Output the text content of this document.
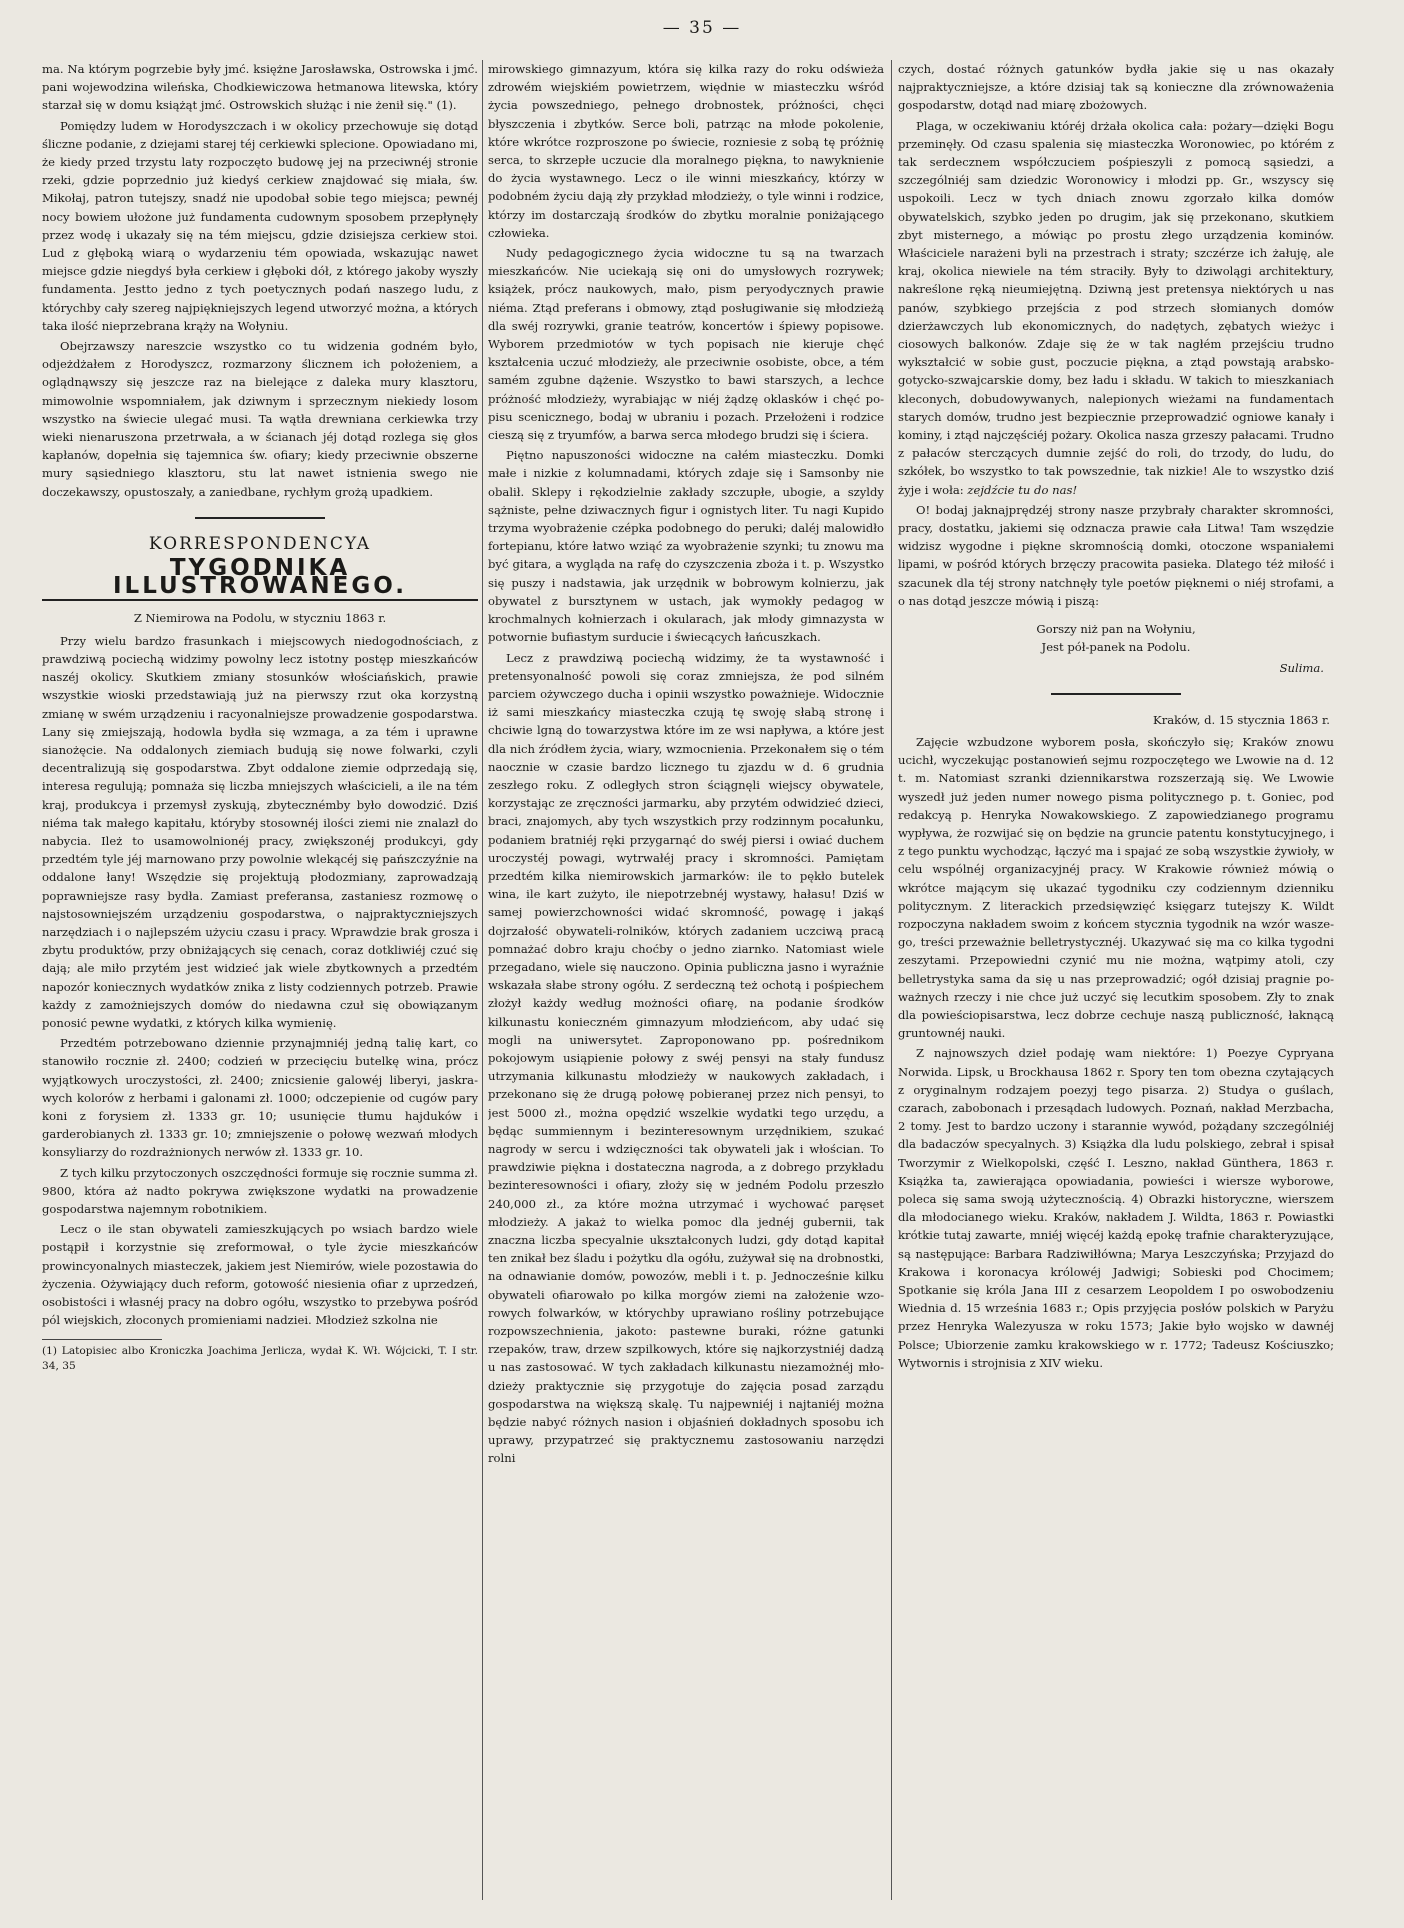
— 35 —

ma. Na którym pogrzebie były jmć. księżne Jarosławska, Ostrowska i jmć. pani wojewodzina wileńska, Chodkiewiczowa hetmanowa litewska, który starzał się w domu książąt jmć. Ostrowskich służąc i nie żenił się." (1).

Pomiędzy ludem w Horodyszczach i w okolicy przechowuje się dotąd śliczne podanie, z dziejami starej téj cerkiewki splecione. Opowiadano mi, że kiedy przed trzystu laty rozpoczęto budowę jej na przeciwnéj stronie rzeki, gdzie poprzednio już kiedyś cerkiew znajdować się miała, św. Mikołaj, patron tutejszy, snadź nie upodobał sobie tego miejsca; pewnéj nocy bowiem ułożone już fundamenta cudownym sposobem przepłynęły przez wodę i ukazały się na tém miejscu, gdzie dzisiejsza cerkiew stoi. Lud z głęboką wiarą o wydarzeniu tém opowiada, wskazując nawet miejsce gdzie niegdyś była cerkiew i głęboki dół, z którego jakoby wyszły fundamenta. Jestto jedno z tych poetycznych podań naszego ludu, z którychby cały szereg najpiękniejszych legend utworzyć można, a których taka ilość nieprzebrana krąży na Wołyniu.

Obejrzawszy nareszcie wszystko co tu widzenia godném było, odjeżdżałem z Horodyszcz, rozmarzony ślicznem ich położeniem, a oglądnąwszy się jeszcze raz na bielejące z daleka mury klasztoru, mimowolnie wspomniałem, jak dziwnym i sprzecznym niekiedy losom wszystko na świecie ulegać musi. Ta wątła drewniana cerkiewka trzy wieki nienaruszona przetrwała, a w ścianach jéj dotąd rozlega się głos kapłanów, dopełnia się tajemnica św. ofiary; kiedy przeciwnie obszerne mury sąsiedniego klasztoru, stu lat nawet istnienia swego nie doczekawszy, opustoszały, a zaniedbane, rychłym grożą upadkiem.

KORRESPONDENCYA
TYGODNIKA ILLUSTROWANEGO.
Z Niemirowa na Podolu, w styczniu 1863 r.

Przy wielu bardzo frasunkach i miejscowych niedogodnościach, z prawdziwą pociechą widzimy powolny lecz istotny postęp mieszkańców naszéj okolicy. Skutkiem zmiany stosunków włościańskich, prawie wszystkie wioski przedstawiają już na pierwszy rzut oka korzystną zmianę w swém urządzeniu i racyonalniejsze prowadzenie gospodarstwa. Lany się zmiejszają, hodowla bydła się wzmaga, a za tém i uprawne sianożęcie. Na oddalonych ziemiach budują się nowe folwarki, czyli decentralizują się gospodarstwa. Zbyt oddalone ziemie odprzedają się, interesa regulują; pomnaża się liczba mniejszych właścicieli, a ile na tém kraj, produkcya i przemysł zyskują, zbytecznémby było dowodzić. Dziś niéma tak małego kapitału, któryby stosownéj ilości ziemi nie znalazł do nabycia. Ileż to usamowolnionéj pracy, zwiększonéj produkcyi, gdy przedtém tyle jéj marnowano przy powolnie wlekącéj się pańszczyźnie na oddalone łany! Wszędzie się projektują płodozmiany, zaprowadzają poprawniejsze rasy bydła. Zamiast preferansa, zastaniesz rozmowę o najstosowniejszém urządzeniu gospodarstwa, o najpraktyczniejszych narzędziach i o najlepszém użyciu czasu i pracy. Wprawdzie brak grosza i zbytu produktów, przy obniżających się cenach, coraz dotkliwiéj czuć się dają; ale miło przytém jest widzieć jak wiele zbytkownych a przedtém napozór koniecznych wydatków znika z listy codziennych potrzeb. Prawie każdy z zamożniejszych domów do niedawna czuł się obowiązanym ponosić pewne wydatki, z których kilka wymienię.

Przedtém potrzebowano dziennie przynajmniéj jedną talię kart, co stanowiło rocznie zł. 2400; codzień w przecięciu butelkę wina, prócz wyjątkowych uroczystości, zł. 2400; znicsienie galowéj liberyi, jaskrawych kolorów z herbami i galonami zł. 1000; odczepienie od cugów pary koni z forysiem zł. 1333 gr. 10; usunięcie tłumu hajduków i garderobianych zł. 1333 gr. 10; zmniejszenie o połowę wezwań młodych konsyliarzy do rozdrażnionych nerwów zł. 1333 gr. 10.

Z tych kilku przytoczonych oszczędności formuje się rocznie summa zł. 9800, która aż nadto pokrywa zwiększone wydatki na prowadzenie gospodarstwa najemnym robotnikiem.

Lecz o ile stan obywateli zamieszkujących po wsiach bardzo wiele postąpił i korzystnie się zreformował, o tyle życie mieszkańców prowincyonalnych miasteczek, jakiem jest Niemirów, wiele pozostawia do życzenia. Ożywiający duch reform, gotowość niesienia ofiar z uprzedzeń, osobistości i własnéj pracy na dobro ogółu, wszystko to przebywa pośród pól wiejskich, złoconych promieniami nadziei. Młodzież szkolna nie

(1) Latopisiec albo Kroniczka Joachima Jerlicza, wydał K. Wł. Wójcicki, T. I str. 34, 35

mirowskiego gimnazyum, która się kilka razy do roku odświeża zdrowém wiejskiém powietrzem, więdnie w miasteczku wśród życia powszedniego, pełnego drobnostek, próżności, chęci błyszczenia i zbytków. Serce boli, patrząc na młode pokolenie, które wkrótce rozproszone po świecie, rozniesie z sobą tę próżnię serca, to skrzepłe uczucie dla moralnego piękna, to nawyknienie do życia wystawnego. Lecz o ile winni mieszkańcy, którzy w podobném życiu dają zły przykład młodzieży, o tyle winni i rodzice, którzy im dostarczają środków do zbytku moralnie poniżającego człowieka.

Nudy pedagogicznego życia widoczne tu są na twarzach mieszkańców. Nie uciekają się oni do umysłowych rozrywek; książek, prócz naukowych, mało, pism peryodycznych prawie niéma. Ztąd preferans i obmowy, ztąd posługiwanie się młodzieżą dla swéj rozrywki, granie teatrów, koncertów i śpiewy popisowe. Wyborem przedmiotów w tych popisach nie kieruje chęć kształcenia uczuć młodzieży, ale przeciwnie osobiste, obce, a tém samém zgubne dążenie. Wszystko to bawi starszych, a lechce próżność młodzieży, wyrabiając w niéj żądzę oklasków i chęć popisu scenicznego, bodaj w ubraniu i pozach. Przełożeni i rodzice cieszą się z tryumfów, a barwa serca młodego brudzi się i ściera.

Piętno napuszoności widoczne na całém miasteczku. Domki małe i nizkie z kolumnadami, których zdaje się i Samsonby nie obalił. Sklepy i rękodzielnie zakłady szczupłe, ubogie, a szyldy sążniste, pełne dziwacznych figur i ognistych liter. Tu nagi Kupido trzyma wyobrażenie czépka podobnego do peruki; daléj malowidło fortepianu, które łatwo wziąć za wyobrażenie szynki; tu znowu ma być gitara, a wygląda na rafę do czyszczenia zboża i t. p. Wszystko się puszy i nadstawia, jak urzędnik w bobrowym kolnierzu, jak obywatel z bursztynem w ustach, jak wymokły pedagog w krochmalnych kołnierzach i okularach, jak młody gimnazysta w potwornie bufiastym surducie i świecących łańcuszkach.

Lecz z prawdziwą pociechą widzimy, że ta wystawność i pretensyonalność powoli się coraz zmniejsza, że pod silném parciem ożywczego ducha i opinii wszystko poważnieje. Widocznie iż sami mieszkańcy miasteczka czują tę swoję słabą stronę i chciwie lgną do towarzystwa które im ze wsi napływa, a które jest dla nich źródłem życia, wiary, wzmocnienia. Przekonałem się o tém naocznie w czasie bardzo licznego tu zjazdu w d. 6 grudnia zeszłego roku. Z odległych stron ściągnęli wiejscy obywatele, korzystając ze zręczności jarmarku, aby przytém odwidzieć dzieci, braci, znajomych, aby tych wszystkich przy rodzinnym pocałunku, podaniem bratniéj ręki przygarnąć do swéj piersi i owiać duchem uroczystéj powagi, wytrwałéj pracy i skromności. Pamiętam przedtém kilka niemirowskich jarmarków: ile to pękło butelek wina, ile kart zużyto, ile niepotrzebnéj wystawy, hałasu! Dziś w samej powierzchowności widać skromność, powagę i jakąś dojrzałość obywateli-rolników, których zadaniem uczciwą pracą pomnażać dobro kraju choćby o jedno ziarnko. Natomiast wiele przegadano, wiele się nauczono. Opinia publiczna jasno i wyraźnie wskazała słabe strony ogółu. Z serdeczną też ochotą i pośpiechem złożył każdy według możności ofiarę, na podanie środków kilkunastu konieczném gimnazyum młodzieńcom, aby udać się mogli na uniwersytet. Zaproponowano pp. pośrednikom pokojowym usiąpienie połowy z swéj pensyi na stały fundusz utrzymania kilkunastu młodzieży w naukowych zakładach, i przekonano się że drugą połowę pobieranej przez nich pensyi, to jest 5000 zł., można opędzić wszelkie wydatki tego urzędu, a będąc summiennym i bezinteresownym urzędnikiem, szukać nagrody w sercu i wdzięczności tak obywateli jak i włościan. To prawdziwie piękna i dostateczna nagroda, a z dobrego przykładu bezinteresowności i ofiary, złoży się w jedném Podolu przeszło 240,000 zł., za które można utrzymać i wychować paręset młodzieży. A jakaż to wielka pomoc dla jednéj gubernii, tak znaczna liczba specyalnie ukształconych ludzi, gdy dotąd kapitał ten znikał bez śladu i pożytku dla ogółu, zużywał się na drobnostki, na odnawianie domów, powozów, mebli i t. p. Jednocześnie kilku obywateli ofiarowało po kilka morgów ziemi na założenie wzorowych folwarków, w którychby uprawiano rośliny potrzebujące rozpowszechnienia, jakoto: pastewne buraki, różne gatunki rzepaków, traw, drzew szpilkowych, które się najkorzystniéj dadzą u nas zastosować. W tych zakładach kilkunastu niezamożnéj młodzieży praktycznie się przygotuje do zajęcia posad zarządu gospodarstwa na większą skalę. Tu najpewniéj i najtaniéj można będzie nabyć różnych nasion i objaśnień dokładnych sposobu ich uprawy, przypatrzeć się praktycznemu zastosowaniu narzędzi rolni

czych, dostać różnych gatunków bydła jakie się u nas okazały najpraktyczniejsze, a które dzisiaj tak są konieczne dla zrównoważenia gospodarstw, dotąd nad miarę zbożowych.

Plaga, w oczekiwaniu któréj drżała okolica cała: pożary—dzięki Bogu przeminęły. Od czasu spalenia się miasteczka Woronowiec, po którém z tak serdecznem współczuciem pośpieszyli z pomocą sąsiedzi, a szczególniéj sam dziedzic Woronowicy i młodzi pp. Gr., wszyscy się uspokoili. Lecz w tych dniach znowu zgorzało kilka domów obywatelskich, szybko jeden po drugim, jak się przekonano, skutkiem zbyt misternego, a mówiąc po prostu złego urządzenia kominów. Właściciele narażeni byli na przestrach i straty; szczérze ich żałuję, ale kraj, okolica niewiele na tém straciły. Były to dziwolągi architektury, nakreślone ręką nieumiejętną. Dziwną jest pretensya niektórych u nas panów, szybkiego przejścia z pod strzech słomianych domów dzierżawczych lub ekonomicznych, do nadętych, zębatych wieżyc i ciosowych balkonów. Zdaje się że w tak nagłém przejściu trudno wykształcić w sobie gust, poczucie piękna, a ztąd powstają arabsko-gotycko-szwajcarskie domy, bez ładu i składu. W takich to mieszkaniach kleconych, dobudowywanych, nalepionych wieżami na fundamentach starych domów, trudno jest bezpiecznie przeprowadzić ogniowe kanały i kominy, i ztąd najczęściéj pożary. Okolica nasza grzeszy pałacami. Trudno z pałaców sterczących dumnie zejść do roli, do trzody, do ludu, do szkółek, bo wszystko to tak powszednie, tak nizkie! Ale to wszystko dziś żyje i woła: zejdźcie tu do nas!

O! bodaj jaknajprędzéj strony nasze przybrały charakter skromności, pracy, dostatku, jakiemi się odznacza prawie cała Litwa! Tam wszędzie widzisz wygodne i piękne skromnością domki, otoczone wspaniałemi lipami, w pośród których brzęczy pracowita pasieka. Dlatego téż miłość i szacunek dla téj strony natchnęły tyle poetów pięknemi o niéj strofami, a o nas dotąd jeszcze mówią i piszą:

Gorszy niż pan na Wołyniu,
Jest pół-panek na Podolu.
Sulima.
Kraków, d. 15 stycznia 1863 r.

Zajęcie wzbudzone wyborem posła, skończyło się; Kraków znowu ucichł, wyczekując postanowień sejmu rozpoczętego we Lwowie na d. 12 t. m. Natomiast szranki dziennikarstwa rozszerzają się. We Lwowie wyszedł już jeden numer nowego pisma politycznego p. t. Goniec, pod redakcyą p. Henryka Nowakowskiego. Z zapowiedzianego programu wypływa, że rozwijać się on będzie na gruncie patentu konstytucyjnego, i z tego punktu wychodząc, łączyć ma i spajać ze sobą wszystkie żywioły, w celu wspólnéj organizacyjnéj pracy. W Krakowie również mówią o wkrótce mającym się ukazać tygodniku czy codziennym dzienniku politycznym. Z literackich przedsięwzięć księgarz tutejszy K. Wildt rozpoczyna nakładem swoim z końcem stycznia tygodnik na wzór waszego, treści przeważnie belletrystycznéj. Ukazywać się ma co kilka tygodni zeszytami. Przepowiedni czynić mu nie można, wątpimy atoli, czy belletrystyka sama da się u nas przeprowadzić; ogół dzisiaj pragnie poważnych rzeczy i nie chce już uczyć się lecutkim sposobem. Zły to znak dla powieściopisarstwa, lecz dobrze cechuje naszą publiczność, łaknącą gruntownéj nauki.

Z najnowszych dzieł podaję wam niektóre: 1) Poezye Cypryana Norwida. Lipsk, u Brockhausa 1862 r. Spory ten tom obezna czytających z oryginalnym rodzajem poezyj tego pisarza. 2) Studya o guślach, czarach, zabobonach i przesądach ludowych. Poznań, nakład Merzbacha, 2 tomy. Jest to bardzo uczony i starannie wywód, pożądany szczególniéj dla badaczów specyalnych. 3) Książka dla ludu polskiego, zebrał i spisał Tworzymir z Wielkopolski, część I. Leszno, nakład Günthera, 1863 r. Książka ta, zawierająca opowiadania, powieści i wiersze wyborowe, poleca się sama swoją użytecznością. 4) Obrazki historyczne, wierszem dla młodocianego wieku. Kraków, nakładem J. Wildta, 1863 r. Powiastki krótkie tutaj zawarte, mniéj więcéj każdą epokę trafnie charakteryzujące, są następujące: Barbara Radziwiłłówna; Marya Leszczyńska; Przyjazd do Krakowa i koronacya królowéj Jadwigi; Sobieski pod Chocimem; Spotkanie się króla Jana III z cesarzem Leopoldem I po oswobodzeniu Wiednia d. 15 września 1683 r.; Opis przyjęcia posłów polskich w Paryżu przez Henryka Walezyusza w roku 1573; Jakie było wojsko w dawnéj Polsce; Ubiorzenie zamku krakowskiego w r. 1772; Tadeusz Kościuszko; Wytwornis i strojnisia z XIV wieku.
